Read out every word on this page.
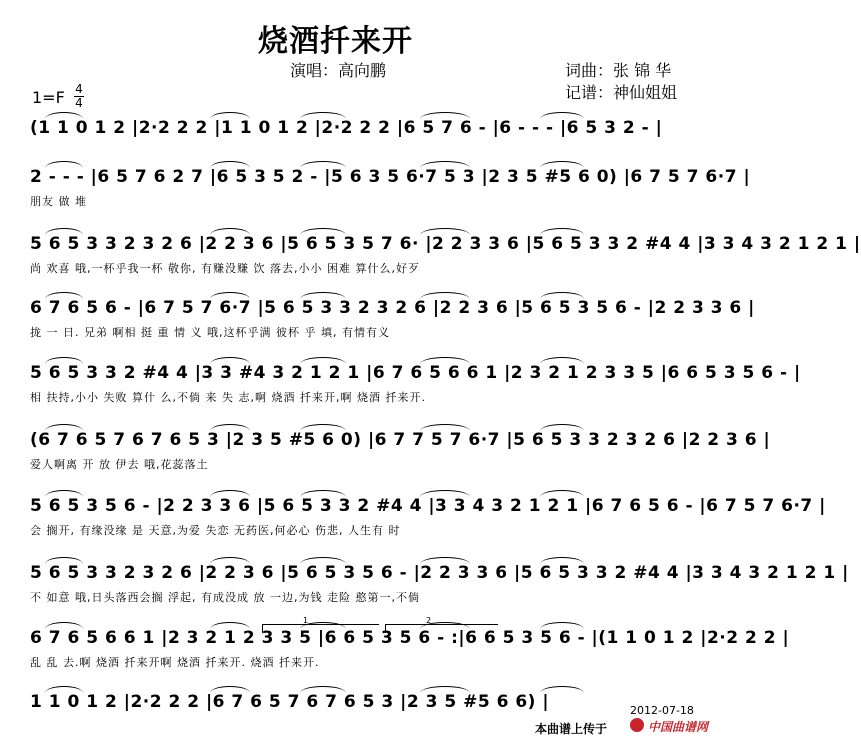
烧酒扦来开
演唱：高向鹏	词曲：张 锦 华
记谱：神仙姐姐
1=F 4
4
(1 1 0 1 2 |2·2 2 2 |1 1 0 1 2 |2·2 2 2 |6 5 7 6 - |6 - - - |6 5 3 2 - |
2 - - - |6 5 7 6 2 7 |6 5 3 5 2 - |5 6 3 5 6·7 5 3 |2 3 5 #5 6 0) |6 7 5 7 6·7 |
朋友 做 堆
5 6 5 3 3 2 3 2 6 |2 2 3 6 |5 6 5 3 5 7 6· |2 2 3 3 6 |5 6 5 3 3 2 #4 4 |3 3 4 3 2 1 2 1 |
尚 欢喜 哦,一杯乎我一杯 敬你, 有赚没赚 饮 落去,小小 困难 算什么,好歹
6 7 6 5 6 - |6 7 5 7 6·7 |5 6 5 3 3 2 3 2 6 |2 2 3 6 |5 6 5 3 5 6 - |2 2 3 3 6 |
拢 一 日. 兄弟 啊相 挺 重 情 义 哦,这杯乎满 彼杯 乎 填, 有情有义
5 6 5 3 3 2 #4 4 |3 3 #4 3 2 1 2 1 |6 7 6 5 6 6 1 |2 3 2 1 2 3 3 5 |6 6 5 3 5 6 - |
相 扶持,小小 失败 算什 么,不倘 来 失 志,啊 烧酒 扦来开,啊 烧酒 扦来开.
(6 7 6 5 7 6 7 6 5 3 |2 3 5 #5 6 0) |6 7 7 5 7 6·7 |5 6 5 3 3 2 3 2 6 |2 2 3 6 |
爱人啊离 开 放 伊去 哦,花蕊落土
5 6 5 3 5 6 - |2 2 3 3 6 |5 6 5 3 3 2 #4 4 |3 3 4 3 2 1 2 1 |6 7 6 5 6 - |6 7 5 7 6·7 |
会 搁开, 有缘没缘 是 天意,为爱 失恋 无药医,何必心 伤悲, 人生有 时
5 6 5 3 3 2 3 2 6 |2 2 3 6 |5 6 5 3 5 6 - |2 2 3 3 6 |5 6 5 3 3 2 #4 4 |3 3 4 3 2 1 2 1 |
不 如意 哦,日头落西会搁 浮起, 有成没成 放 一边,为钱 走险 憨第一,不倘
6 7 6 5 6 6 1 |2 3 2 1 2 3 3 5 |6 6 5 3 5 6 - :|6 6 5 3 5 6 - |(1 1 0 1 2 |2·2 2 2 |
乱 乱 去.啊 烧酒 扦来开啊 烧酒 扦来开. 烧酒 扦来开.
1 1 0 1 2 |2·2 2 2 |6 7 6 5 7 6 7 6 5 3 |2 3 5 #5 6 6) |
1	2
2012-07-18
本曲谱上传于	中国曲谱网
